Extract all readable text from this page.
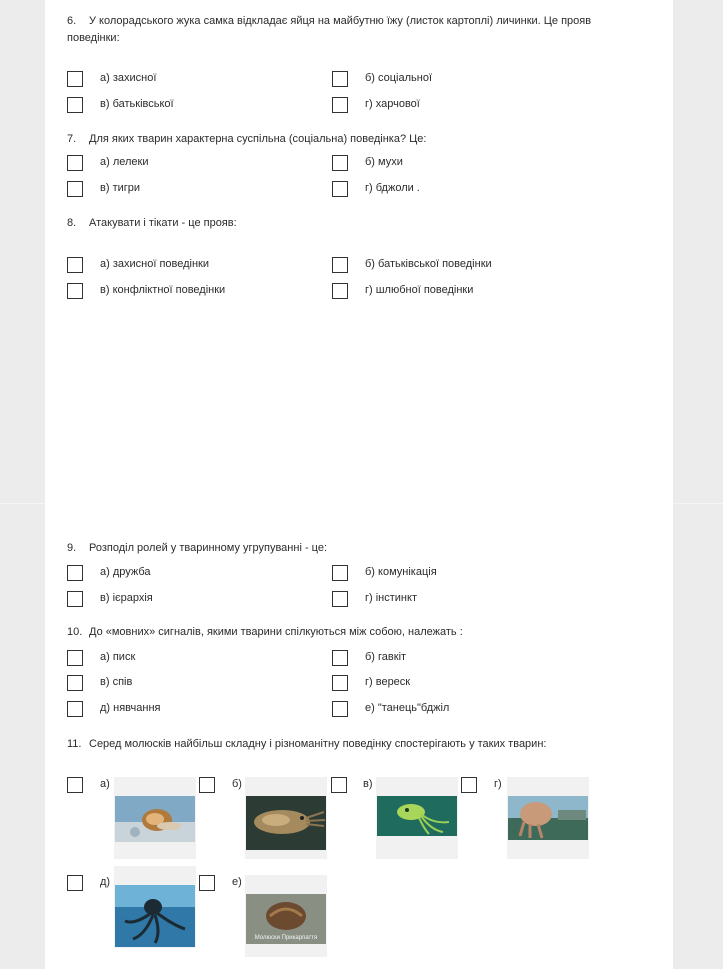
6. У колорадського жука самка відкладає яйця на майбутню їжу (листок картоплі) личинки. Це прояв поведінки:
а) захисної	б) соціальної
в) батьківської	г) харчової
7. Для яких тварин характерна суспільна (соціальна) поведінка? Це:
а) лелеки	б) мухи
в) тигри	г) бджоли .
8. Атакувати і тікати - це прояв:
а) захисної поведінки	б) батьківської поведінки
в) конфліктної поведінки	г) шлюбної поведінки
9. Розподіл ролей у тваринному угрупуванні - це:
а) дружба	б) комунікація
в) ієрархія	г) інстинкт
10. До «мовних» сигналів, якими тварини спілкуються між собою, належать :
а) писк	б) гавкіт
в) спів	г) вереск
д) нявчання	е) "танець"бджіл
11. Серед молюсків найбільш складну і різноманітну поведінку спостерігають у таких тварин:
а)	б)	в)	г)
д)	е)
Молюски Прикарпаття
